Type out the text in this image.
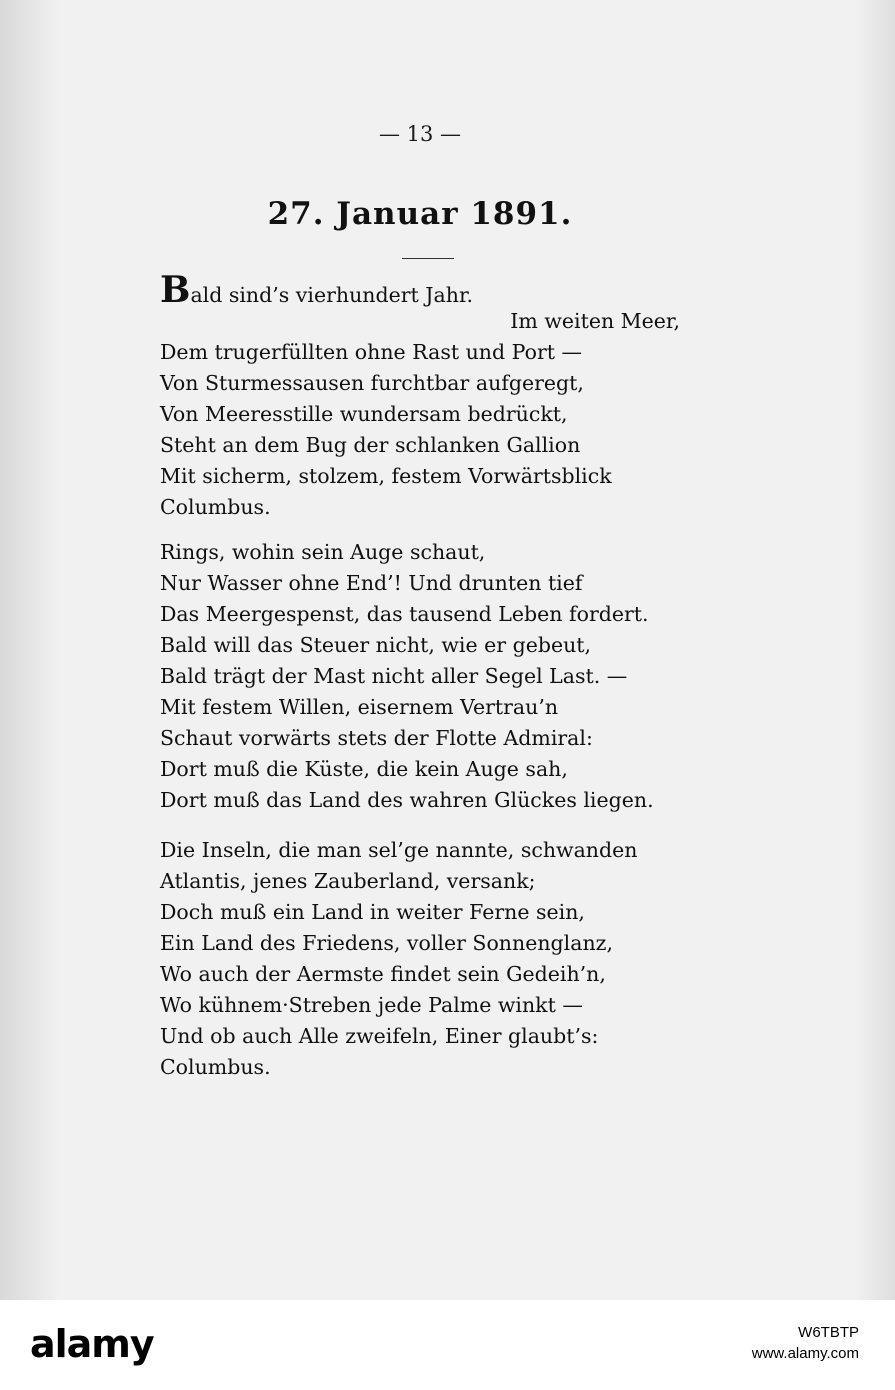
— 13 —
27. Januar 1891.
Bald sind’s vierhundert Jahr.
Im weiten Meer,
Dem trugerfüllten ohne Rast und Port —
Von Sturmessausen furchtbar aufgeregt,
Von Meeresstille wundersam bedrückt,
Steht an dem Bug der schlanken Gallion
Mit sicherm, stolzem, festem Vorwärtsblick
Columbus.
Rings, wohin sein Auge schaut,
Nur Wasser ohne End’! Und drunten tief
Das Meergespenst, das tausend Leben fordert.
Bald will das Steuer nicht, wie er gebeut,
Bald trägt der Mast nicht aller Segel Last. —
Mit festem Willen, eisernem Vertrau’n
Schaut vorwärts stets der Flotte Admiral:
Dort muß die Küste, die kein Auge sah,
Dort muß das Land des wahren Glückes liegen.
Die Inseln, die man sel’ge nannte, schwanden
Atlantis, jenes Zauberland, versank;
Doch muß ein Land in weiter Ferne sein,
Ein Land des Friedens, voller Sonnenglanz,
Wo auch der Aermste findet sein Gedeih’n,
Wo kühnem·Streben jede Palme winkt —
Und ob auch Alle zweifeln, Einer glaubt’s:
Columbus.
alamy	W6TBTP
www.alamy.com
